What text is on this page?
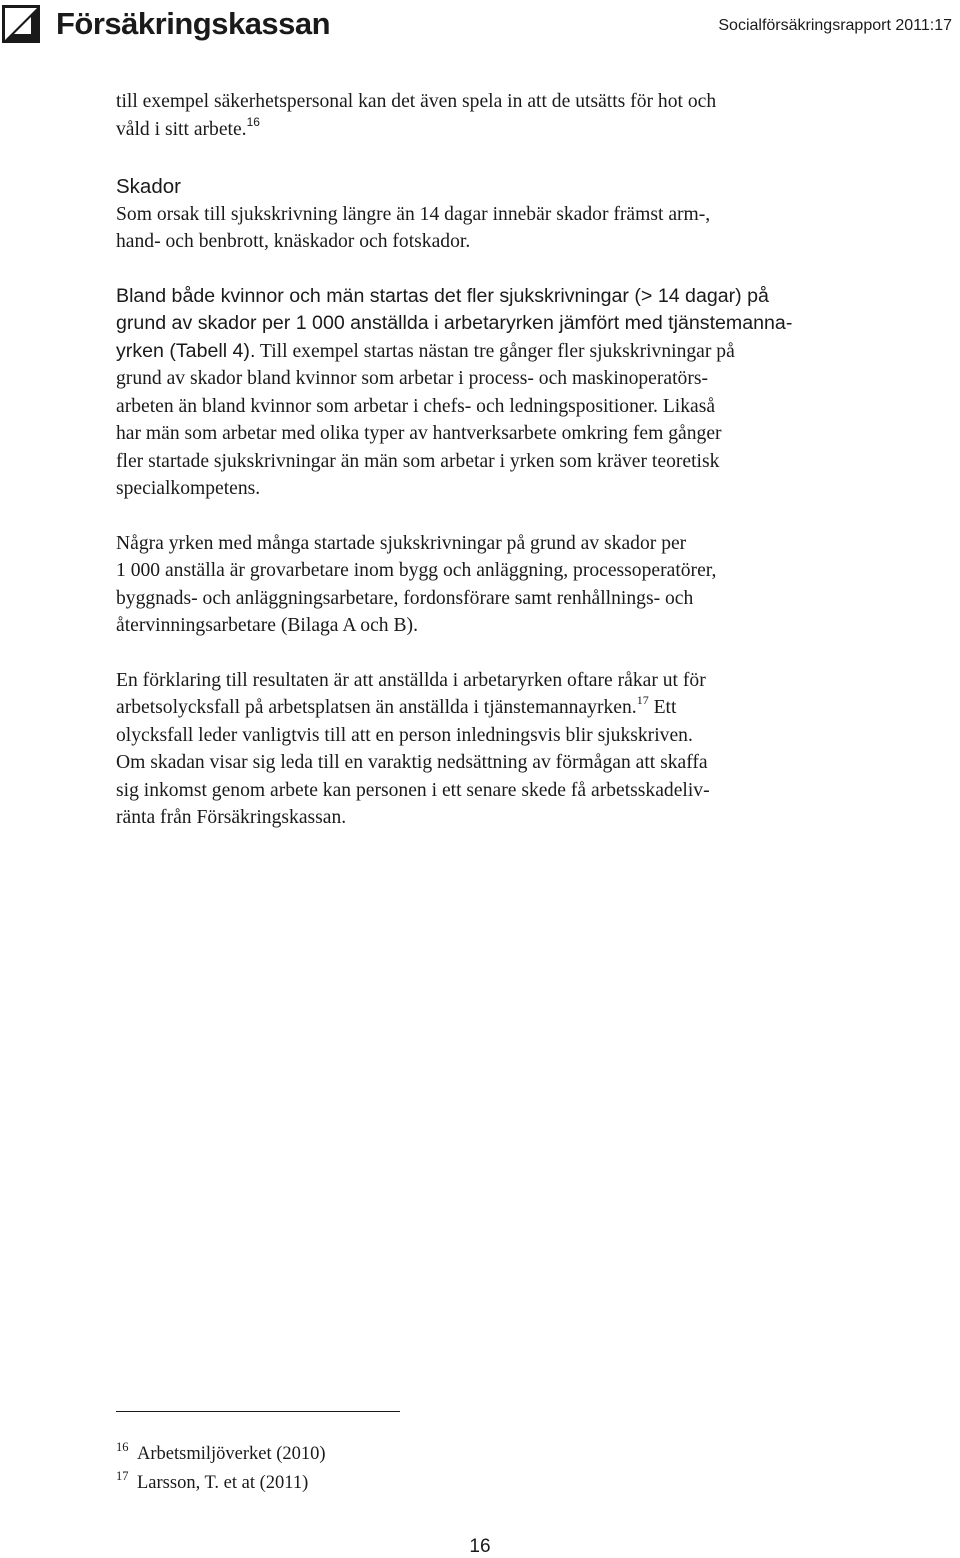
Försäkringskassan	Socialförsäkringsrapport 2011:17

till exempel säkerhetspersonal kan det även spela in att de utsätts för hot och
våld i sitt arbete.$^{16}$

Skador

Som orsak till sjukskrivning längre än 14 dagar innebär skador främst arm-,
hand- och benbrott, knäskador och fotskador.

Bland både kvinnor och män startas det fler sjukskrivningar (> 14 dagar) på
grund av skador per 1 000 anställda i arbetaryrken jämfört med tjänstemanna-
yrken (Tabell 4). Till exempel startas nästan tre gånger fler sjukskrivningar på
grund av skador bland kvinnor som arbetar i process- och maskinoperatörs-
arbeten än bland kvinnor som arbetar i chefs- och ledningspositioner. Likaså
har män som arbetar med olika typer av hantverksarbete omkring fem gånger
fler startade sjukskrivningar än män som arbetar i yrken som kräver teoretisk
specialkompetens.

Några yrken med många startade sjukskrivningar på grund av skador per
1 000 anställa är grovarbetare inom bygg och anläggning, processoperatörer,
byggnads- och anläggningsarbetare, fordonsförare samt renhållnings- och
återvinningsarbetare (Bilaga A och B).

En förklaring till resultaten är att anställda i arbetaryrken oftare råkar ut för
arbetsolycksfall på arbetsplatsen än anställda i tjänstemannayrken.$^{17}$ Ett
olycksfall leder vanligtvis till att en person inledningsvis blir sjukskriven.
Om skadan visar sig leda till en varaktig nedsättning av förmågan att skaffa
sig inkomst genom arbete kan personen i ett senare skede få arbetsskadeliv-
ränta från Försäkringskassan.

16 Arbetsmiljöverket (2010)
17 Larsson, T. et at (2011)
16
